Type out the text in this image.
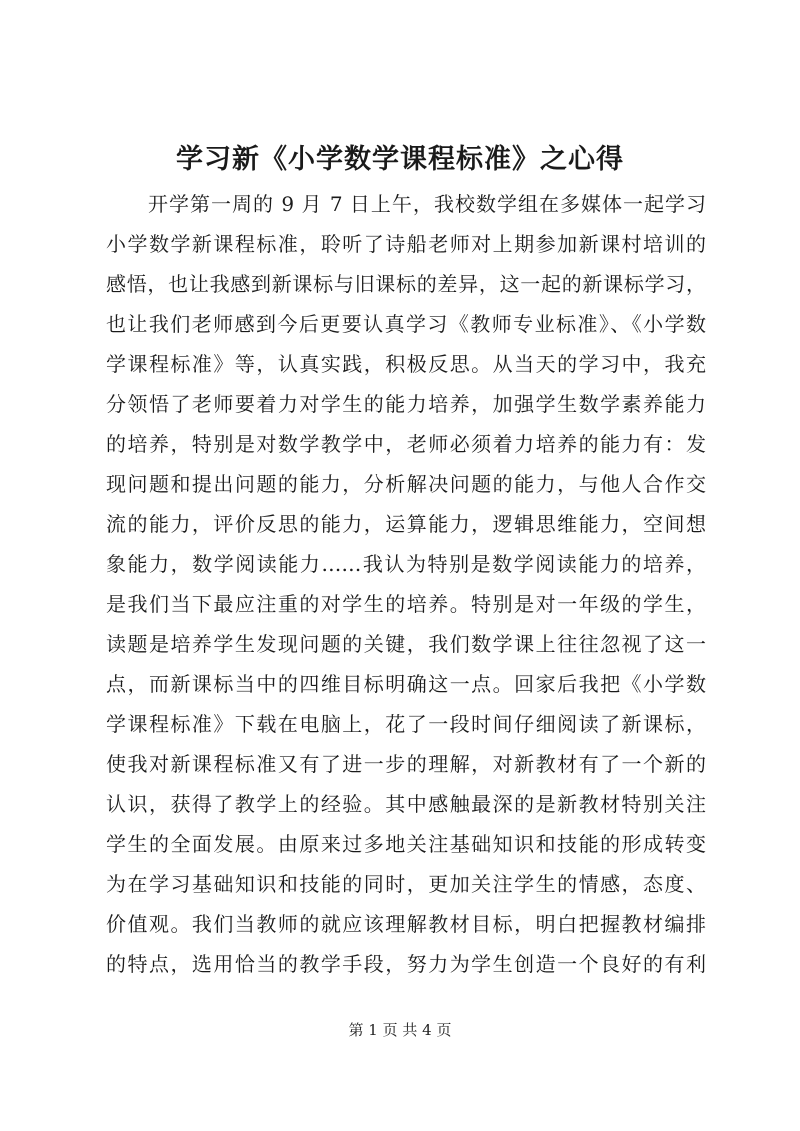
学习新《小学数学课程标准》之心得
开学第一周的 9 月 7 日上午，我校数学组在多媒体一起学习
小学数学新课程标准，聆听了诗船老师对上期参加新课村培训的
感悟，也让我感到新课标与旧课标的差异，这一起的新课标学习，
也让我们老师感到今后更要认真学习《教师专业标准》、《小学数
学课程标准》等，认真实践，积极反思。从当天的学习中，我充
分领悟了老师要着力对学生的能力培养，加强学生数学素养能力
的培养，特别是对数学教学中，老师必须着力培养的能力有：发
现问题和提出问题的能力，分析解决问题的能力，与他人合作交
流的能力，评价反思的能力，运算能力，逻辑思维能力，空间想
象能力，数学阅读能力……我认为特别是数学阅读能力的培养，
是我们当下最应注重的对学生的培养。特别是对一年级的学生，
读题是培养学生发现问题的关键，我们数学课上往往忽视了这一
点，而新课标当中的四维目标明确这一点。回家后我把《小学数
学课程标准》下载在电脑上，花了一段时间仔细阅读了新课标，
使我对新课程标准又有了进一步的理解，对新教材有了一个新的
认识，获得了教学上的经验。其中感触最深的是新教材特别关注
学生的全面发展。由原来过多地关注基础知识和技能的形成转变
为在学习基础知识和技能的同时，更加关注学生的情感，态度、
价值观。我们当教师的就应该理解教材目标，明白把握教材编排
的特点，选用恰当的教学手段，努力为学生创造一个良好的有利
第 1 页 共 4 页
